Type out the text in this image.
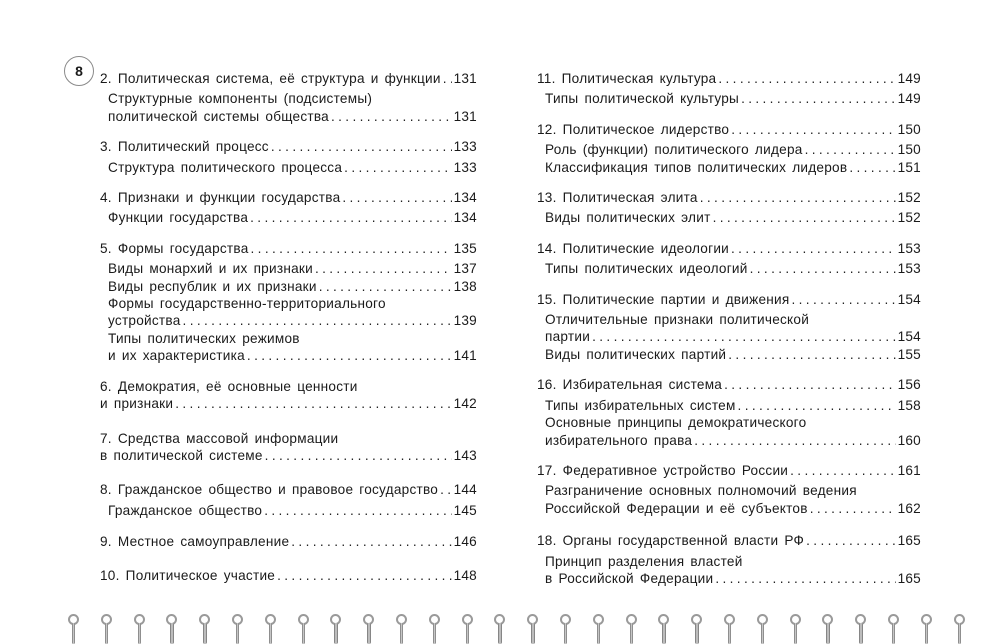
8 2. Политическая система, её структура и функции . . . 131
Структурные компоненты (подсистемы)
политической системы общества . . .	131
3. Политический процесс . . .	133
Структура политического процесса . . .	133
4. Признаки и функции государства . . .	134
Функции государства . . .	134
5. Формы государства . . .	135
Виды монархий и их признаки . . .	137
Виды республик и их признаки . . .	138
Формы государственно-территориального
устройства . . .	139
Типы политических режимов
и их характеристика . . .	141
6. Демократия, её основные ценности
и признаки . . .	142
7. Средства массовой информации
в политической системе . . .	143
8. Гражданское общество и правовое государство . . . 144
Гражданское общество . . .	145
9. Местное самоуправление . . .	146
10. Политическое участие . . .	148
11. Политическая культура . . .	149
Типы политической культуры . . .	149
12. Политическое лидерство . . .	150
Роль (функции) политического лидера . . .	150
Классификация типов политических лидеров . . .	151
13. Политическая элита . . .	152
Виды политических элит . . .	152
14. Политические идеологии . . .	153
Типы политических идеологий . . .	153
15. Политические партии и движения . . .	154
Отличительные признаки политической
партии . . .	154
Виды политических партий . . .	155
16. Избирательная система . . .	156
Типы избирательных систем . . .	158
Основные принципы демократического
избирательного права . . .	160
17. Федеративное устройство России . . .	161
Разграничение основных полномочий ведения
Российской Федерации и её субъектов . . .	162
18. Органы государственной власти РФ . . .	165
Принцип разделения властей
в Российской Федерации . . .	165
